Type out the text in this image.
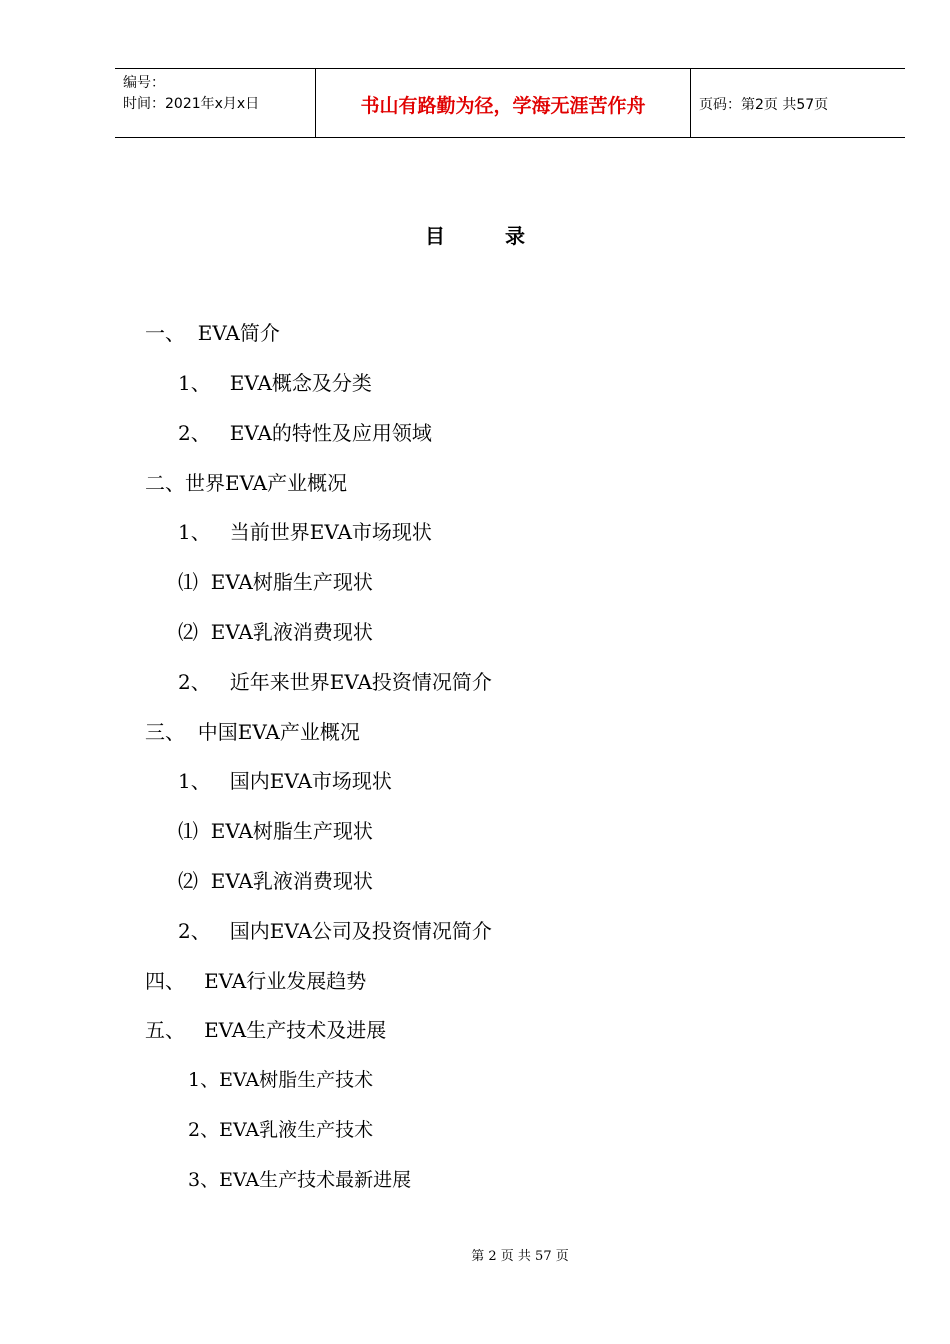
编号：
时间：2021年x月x日	书山有路勤为径，学海无涯苦作舟	页码：第2页 共57页
目录
一、  EVA简介
1、   EVA概念及分类
2、   EVA的特性及应用领域
二、世界EVA产业概况
1、   当前世界EVA市场现状
⑴  EVA树脂生产现状
⑵  EVA乳液消费现状
2、   近年来世界EVA投资情况简介
三、  中国EVA产业概况
1、   国内EVA市场现状
⑴  EVA树脂生产现状
⑵  EVA乳液消费现状
2、   国内EVA公司及投资情况简介
四、   EVA行业发展趋势
五、   EVA生产技术及进展
1、EVA树脂生产技术
2、EVA乳液生产技术
3、EVA生产技术最新进展
第 2 页 共 57 页
